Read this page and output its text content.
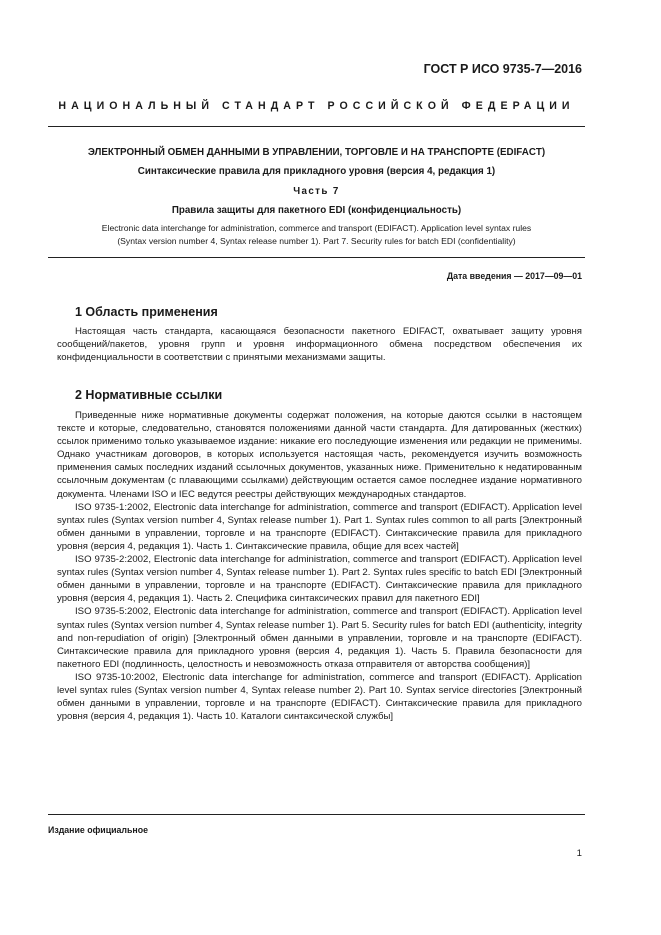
ГОСТ Р ИСО 9735-7—2016
НАЦИОНАЛЬНЫЙ СТАНДАРТ РОССИЙСКОЙ ФЕДЕРАЦИИ
ЭЛЕКТРОННЫЙ ОБМЕН ДАННЫМИ В УПРАВЛЕНИИ, ТОРГОВЛЕ И НА ТРАНСПОРТЕ (EDIFACT)
Синтаксические правила для прикладного уровня (версия 4, редакция 1)
Часть 7
Правила защиты для пакетного EDI (конфиденциальность)
Electronic data interchange for administration, commerce and transport (EDIFACT). Application level syntax rules
(Syntax version number 4, Syntax release number 1). Part 7. Security rules for batch EDI (confidentiality)
Дата введения — 2017—09—01
1 Область применения

Настоящая часть стандарта, касающаяся безопасности пакетного EDIFACT, охватывает защиту уровня сообщений/пакетов, уровня групп и уровня информационного обмена посредством обеспечения их конфиденциальности в соответствии с принятыми механизмами защиты.

2 Нормативные ссылки

Приведенные ниже нормативные документы содержат положения, на которые даются ссылки в настоящем тексте и которые, следовательно, становятся положениями данной части стандарта. Для датированных (жестких) ссылок применимо только указываемое издание: никакие его последующие изменения или редакции не применимы. Однако участникам договоров, в которых используется настоящая часть, рекомендуется изучить возможность применения самых последних изданий ссылочных документов, указанных ниже. Применительно к недатированным ссылочным документам (с плавающими ссылками) действующим остается самое последнее издание нормативного документа. Членами ISO и IEC ведутся реестры действующих международных стандартов.

ISO 9735-1:2002, Electronic data interchange for administration, commerce and transport (EDIFACT). Application level syntax rules (Syntax version number 4, Syntax release number 1). Part 1. Syntax rules common to all parts [Электронный обмен данными в управлении, торговле и на транспорте (EDIFACT). Синтаксические правила для прикладного уровня (версия 4, редакция 1). Часть 1. Синтаксические правила, общие для всех частей]

ISO 9735-2:2002, Electronic data interchange for administration, commerce and transport (EDIFACT). Application level syntax rules (Syntax version number 4, Syntax release number 1). Part 2. Syntax rules specific to batch EDI [Электронный обмен данными в управлении, торговле и на транспорте (EDIFACT). Синтаксические правила для прикладного уровня (версия 4, редакция 1). Часть 2. Специфика синтаксических правил для пакетного EDI]

ISO 9735-5:2002, Electronic data interchange for administration, commerce and transport (EDIFACT). Application level syntax rules (Syntax version number 4, Syntax release number 1). Part 5. Security rules for batch EDI (authenticity, integrity and non-repudiation of origin) [Электронный обмен данными в управлении, торговле и на транспорте (EDIFACT). Синтаксические правила для прикладного уровня (версия 4, редакция 1). Часть 5. Правила безопасности для пакетного EDI (подлинность, целостность и невозможность отказа отправителя от авторства сообщения)]

ISO 9735-10:2002, Electronic data interchange for administration, commerce and transport (EDIFACT). Application level syntax rules (Syntax version number 4, Syntax release number 2). Part 10. Syntax service directories [Электронный обмен данными в управлении, торговле и на транспорте (EDIFACT). Синтаксические правила для прикладного уровня (версия 4, редакция 1). Часть 10. Каталоги синтаксической службы]

Издание официальное
1
